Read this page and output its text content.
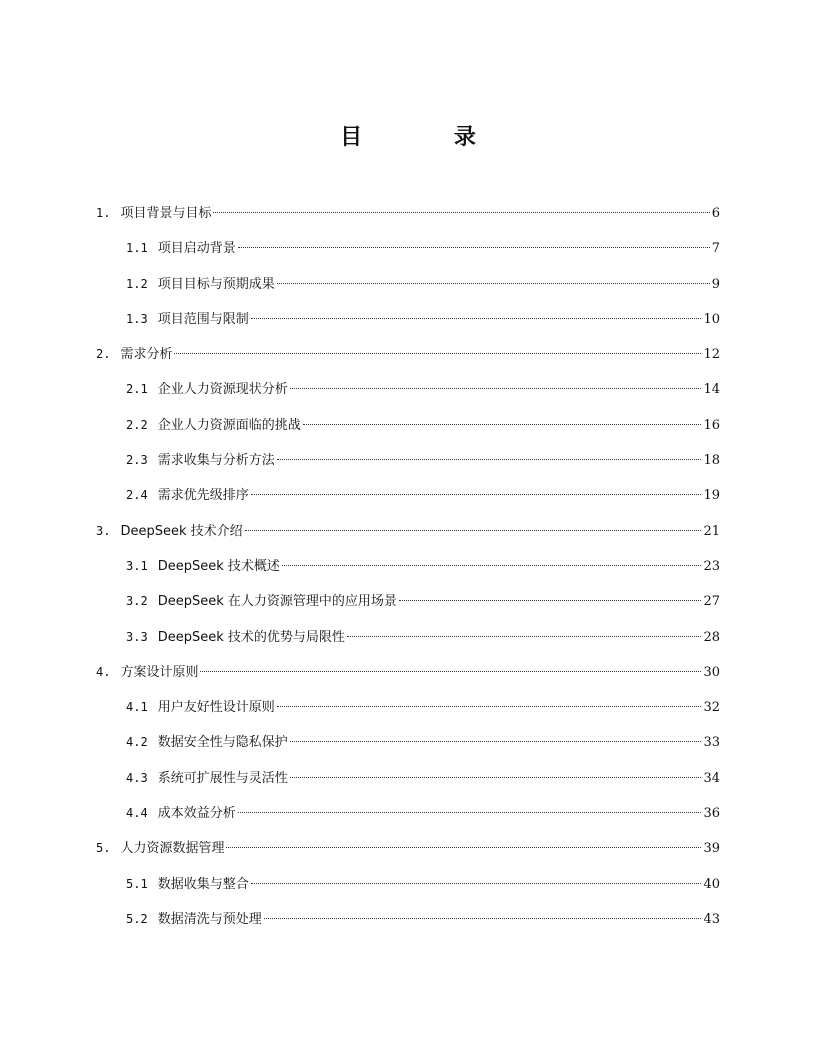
目 录
1. 项目背景与目标	6
1.1 项目启动背景	7
1.2 项目目标与预期成果	9
1.3 项目范围与限制	10
2. 需求分析	12
2.1 企业人力资源现状分析	14
2.2 企业人力资源面临的挑战	16
2.3 需求收集与分析方法	18
2.4 需求优先级排序	19
3. DeepSeek 技术介绍	21
3.1 DeepSeek 技术概述	23
3.2 DeepSeek 在人力资源管理中的应用场景	27
3.3 DeepSeek 技术的优势与局限性	28
4. 方案设计原则	30
4.1 用户友好性设计原则	32
4.2 数据安全性与隐私保护	33
4.3 系统可扩展性与灵活性	34
4.4 成本效益分析	36
5. 人力资源数据管理	39
5.1 数据收集与整合	40
5.2 数据清洗与预处理	43
